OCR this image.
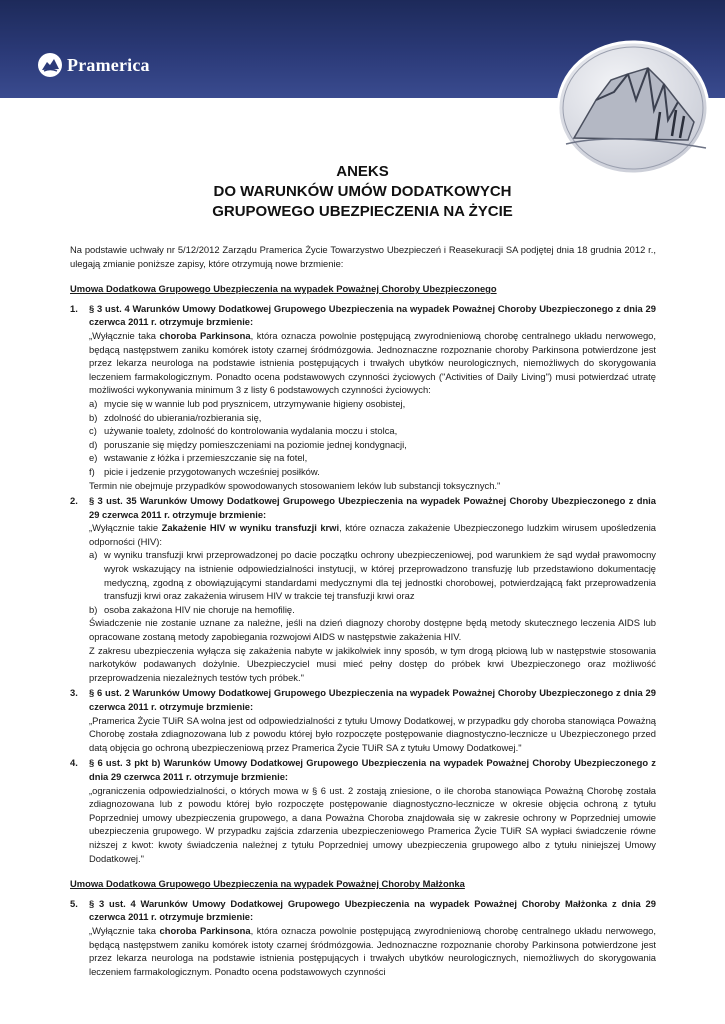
Pramerica
ANEKS
DO WARUNKÓW UMÓW DODATKOWYCH
GRUPOWEGO UBEZPIECZENIA NA ŻYCIE

Na podstawie uchwały nr 5/12/2012 Zarządu Pramerica Życie Towarzystwo Ubezpieczeń i Reasekuracji SA podjętej dnia 18 grudnia 2012 r., ulegają zmianie poniższe zapisy, które otrzymują nowe brzmienie:

Umowa Dodatkowa Grupowego Ubezpieczenia na wypadek Poważnej Choroby Ubezpieczonego
1. § 3 ust. 4 Warunków Umowy Dodatkowej Grupowego Ubezpieczenia na wypadek Poważnej Choroby Ubezpieczonego z dnia 29 czerwca 2011 r. otrzymuje brzmienie:
„Wyłącznie taka choroba Parkinsona, która oznacza powolnie postępującą zwyrodnieniową chorobę centralnego układu nerwowego, będącą następstwem zaniku komórek istoty czarnej śródmózgowia. Jednoznaczne rozpoznanie choroby Parkinsona potwierdzone jest przez lekarza neurologa na podstawie istnienia postępujących i trwałych ubytków neurologicznych, niemożliwych do skorygowania leczeniem farmakologicznym. Ponadto ocena podstawowych czynności życiowych ("Activities of Daily Living") musi potwierdzać utratę możliwości wykonywania minimum 3 z listy 6 podstawowych czynności życiowych:
a) mycie się w wannie lub pod prysznicem, utrzymywanie higieny osobistej,
b) zdolność do ubierania/rozbierania się,
c) używanie toalety, zdolność do kontrolowania wydalania moczu i stolca,
d) poruszanie się między pomieszczeniami na poziomie jednej kondygnacji,
e) wstawanie z łóżka i przemieszczanie się na fotel,
f) picie i jedzenie przygotowanych wcześniej posiłków.
Termin nie obejmuje przypadków spowodowanych stosowaniem leków lub substancji toksycznych."
2. § 3 ust. 35 Warunków Umowy Dodatkowej Grupowego Ubezpieczenia na wypadek Poważnej Choroby Ubezpieczonego z dnia 29 czerwca 2011 r. otrzymuje brzmienie:
„Wyłącznie takie Zakażenie HIV w wyniku transfuzji krwi, które oznacza zakażenie Ubezpieczonego ludzkim wirusem upośledzenia odporności (HIV):
a) w wyniku transfuzji krwi przeprowadzonej po dacie początku ochrony ubezpieczeniowej, pod warunkiem że sąd wydał prawomocny wyrok wskazujący na istnienie odpowiedzialności instytucji, w której przeprowadzono transfuzję lub przedstawiono dokumentację medyczną, zgodną z obowiązującymi standardami medycznymi dla tej jednostki chorobowej, potwierdzającą fakt przeprowadzenia transfuzji krwi oraz zakażenia wirusem HIV w trakcie tej transfuzji krwi oraz
b) osoba zakażona HIV nie choruje na hemofilię.
Świadczenie nie zostanie uznane za należne, jeśli na dzień diagnozy choroby dostępne będą metody skutecznego leczenia AIDS lub opracowane zostaną metody zapobiegania rozwojowi AIDS w następstwie zakażenia HIV.
Z zakresu ubezpieczenia wyłącza się zakażenia nabyte w jakikolwiek inny sposób, w tym drogą płciową lub w następstwie stosowania narkotyków podawanych dożylnie. Ubezpieczyciel musi mieć pełny dostęp do próbek krwi Ubezpieczonego oraz możliwość przeprowadzenia niezależnych testów tych próbek."
3. § 6 ust. 2 Warunków Umowy Dodatkowej Grupowego Ubezpieczenia na wypadek Poważnej Choroby Ubezpieczonego z dnia 29 czerwca 2011 r. otrzymuje brzmienie:
„Pramerica Życie TUiR SA wolna jest od odpowiedzialności z tytułu Umowy Dodatkowej, w przypadku gdy choroba stanowiąca Poważną Chorobę została zdiagnozowana lub z powodu której było rozpoczęte postępowanie diagnostyczno-lecznicze u Ubezpieczonego przed datą objęcia go ochroną ubezpieczeniową przez Pramerica Życie TUiR SA z tytułu Umowy Dodatkowej."
4. § 6 ust. 3 pkt b) Warunków Umowy Dodatkowej Grupowego Ubezpieczenia na wypadek Poważnej Choroby Ubezpieczonego z dnia 29 czerwca 2011 r. otrzymuje brzmienie:
„ograniczenia odpowiedzialności, o których mowa w § 6 ust. 2 zostają zniesione, o ile choroba stanowiąca Poważną Chorobę została zdiagnozowana lub z powodu której było rozpoczęte postępowanie diagnostyczno-lecznicze w okresie objęcia ochroną z tytułu Poprzedniej umowy ubezpieczenia grupowego, a dana Poważna Choroba znajdowała się w zakresie ochrony w Poprzedniej umowie ubezpieczenia grupowego. W przypadku zajścia zdarzenia ubezpieczeniowego Pramerica Życie TUiR SA wypłaci świadczenie równe niższej z kwot: kwoty świadczenia należnej z tytułu Poprzedniej umowy ubezpieczenia grupowego albo z tytułu niniejszej Umowy Dodatkowej."
Umowa Dodatkowa Grupowego Ubezpieczenia na wypadek Poważnej Choroby Małżonka
5. § 3 ust. 4 Warunków Umowy Dodatkowej Grupowego Ubezpieczenia na wypadek Poważnej Choroby Małżonka z dnia 29 czerwca 2011 r. otrzymuje brzmienie:
„Wyłącznie taka choroba Parkinsona, która oznacza powolnie postępującą zwyrodnieniową chorobę centralnego układu nerwowego, będącą następstwem zaniku komórek istoty czarnej śródmózgowia. Jednoznaczne rozpoznanie choroby Parkinsona potwierdzone jest przez lekarza neurologa na podstawie istnienia postępujących i trwałych ubytków neurologicznych, niemożliwych do skorygowania leczeniem farmakologicznym. Ponadto ocena podstawowych czynności
